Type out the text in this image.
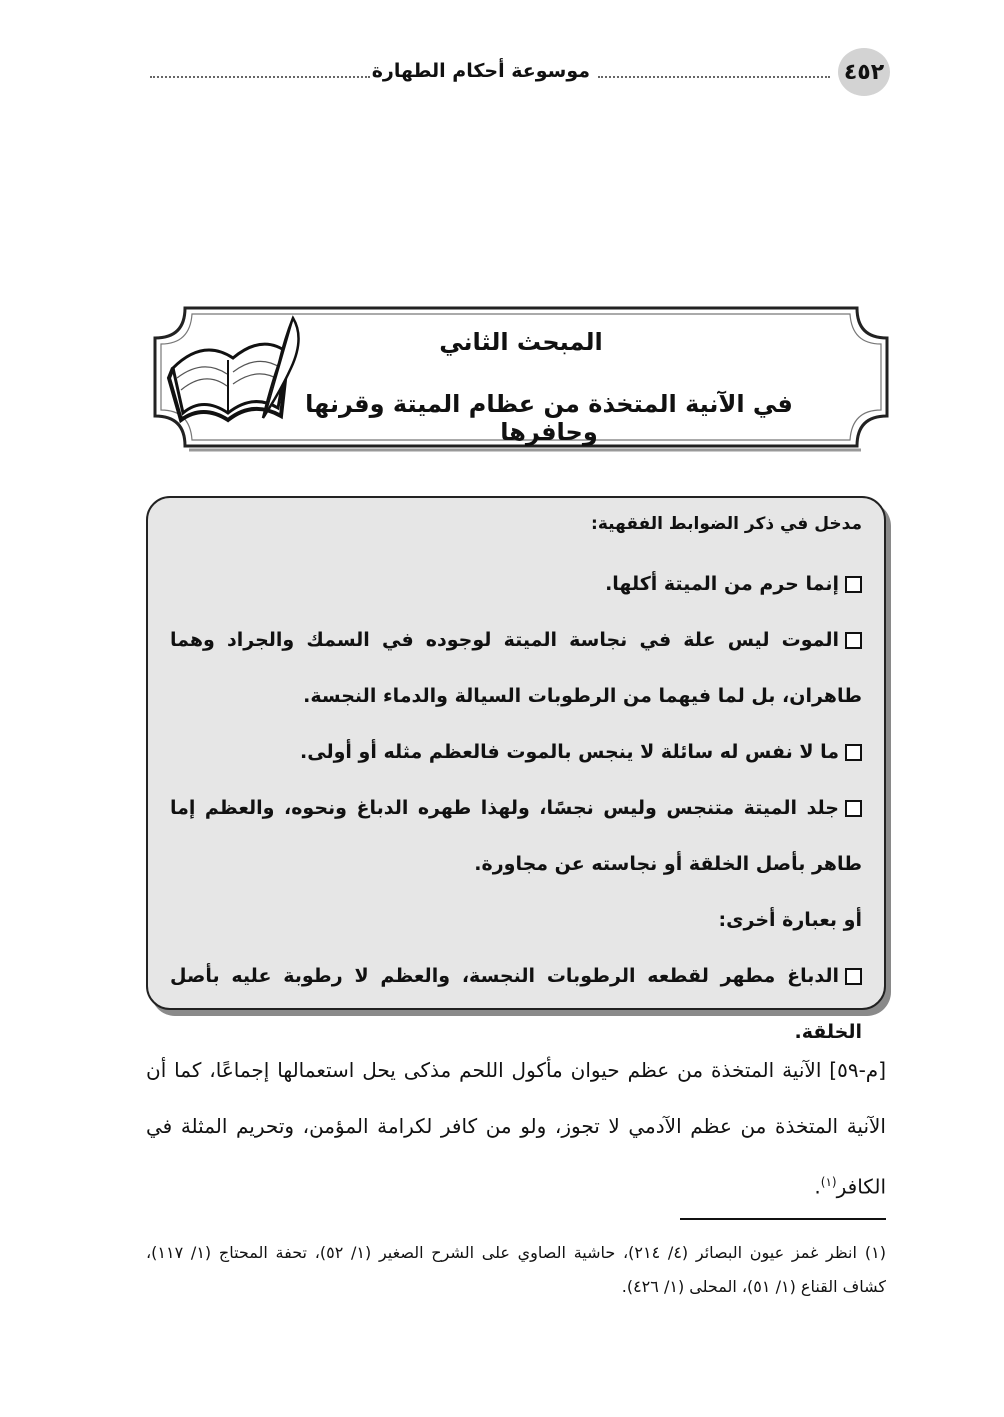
٤٥٢
موسوعة أحكام الطهارة
المبحث الثاني
في الآنية المتخذة من عظام الميتة وقرنها وحافرها
مدخل في ذكر الضوابط الفقهية:
إنما حرم من الميتة أكلها.
الموت ليس علة في نجاسة الميتة لوجوده في السمك والجراد وهما طاهران، بل لما فيهما من الرطوبات السيالة والدماء النجسة.
ما لا نفس له سائلة لا ينجس بالموت فالعظم مثله أو أولى.
جلد الميتة متنجس وليس نجسًا، ولهذا طهره الدباغ ونحوه، والعظم إما طاهر بأصل الخلقة أو نجاسته عن مجاورة.
أو بعبارة أخرى:
الدباغ مطهر لقطعه الرطوبات النجسة، والعظم لا رطوبة عليه بأصل الخلقة.
[م-٥٩] الآنية المتخذة من عظم حيوان مأكول اللحم مذكى يحل استعمالها إجماعًا، كما أن الآنية المتخذة من عظم الآدمي لا تجوز، ولو من كافر لكرامة المؤمن، وتحريم المثلة في الكافر$^{(١)}$.
(١)انظر غمز عيون البصائر (٤/ ٢١٤)، حاشية الصاوي على الشرح الصغير (١/ ٥٢)، تحفة المحتاج (١/ ١١٧)، كشاف القناع (١/ ٥١)، المحلى (١/ ٤٢٦).
